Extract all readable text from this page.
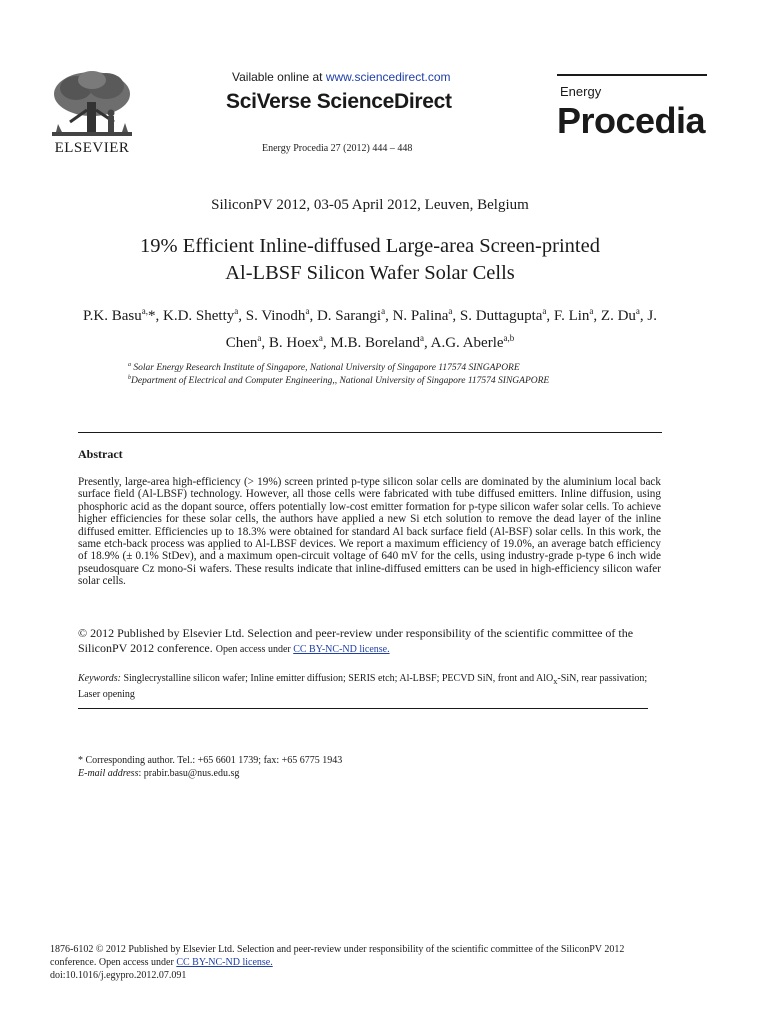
ELSEVIER
Vailable online at www.sciencedirect.com
SciVerse ScienceDirect
Energy Procedia 27 (2012) 444 – 448
Energy
Procedia
SiliconPV 2012, 03-05 April 2012, Leuven, Belgium
19% Efficient Inline-diffused Large-area Screen-printed
Al-LBSF Silicon Wafer Solar Cells
P.K. Basu$^{a,}$*, K.D. Shetty$^a$, S. Vinodh$^a$, D. Sarangi$^a$, N. Palina$^a$, S. Duttagupta$^a$, F. Lin$^a$, Z. Du$^a$, J. Chen$^a$, B. Hoex$^a$, M.B. Boreland$^a$, A.G. Aberle$^{a,b}$
$^a$ Solar Energy Research Institute of Singapore, National University of Singapore 117574 SINGAPORE
$^b$Department of Electrical and Computer Engineering,, National University of Singapore 117574 SINGAPORE
Abstract
Presently, large-area high-efficiency (> 19%) screen printed p-type silicon solar cells are dominated by the aluminium local back surface field (Al-LBSF) technology. However, all those cells were fabricated with tube diffused emitters. Inline diffusion, using phosphoric acid as the dopant source, offers potentially low-cost emitter formation for p-type silicon wafer solar cells. To achieve higher efficiencies for these solar cells, the authors have applied a new Si etch solution to remove the dead layer of the inline diffused emitter. Efficiencies up to 18.3% were obtained for standard Al back surface field (Al-BSF) solar cells. In this work, the same etch-back process was applied to Al-LBSF devices. We report a maximum efficiency of 19.0%, an average batch efficiency of 18.9% (± 0.1% StDev), and a maximum open-circuit voltage of 640 mV for the cells, using industry-grade p-type 6 inch wide pseudosquare Cz mono-Si wafers. These results indicate that inline-diffused emitters can be used in high-efficiency silicon wafer solar cells.
© 2012 Published by Elsevier Ltd. Selection and peer-review under responsibility of the scientific committee of the SiliconPV 2012 conference. Open access under CC BY-NC-ND license.
Keywords: Singlecrystalline silicon wafer; Inline emitter diffusion; SERIS etch; Al-LBSF; PECVD SiN, front and AlO$_x$-SiN, rear passivation; Laser opening
* Corresponding author. Tel.: +65 6601 1739; fax: +65 6775 1943
E-mail address: prabir.basu@nus.edu.sg
1876-6102 © 2012 Published by Elsevier Ltd. Selection and peer-review under responsibility of the scientific committee of the SiliconPV 2012 conference. Open access under CC BY-NC-ND license.
doi:10.1016/j.egypro.2012.07.091
